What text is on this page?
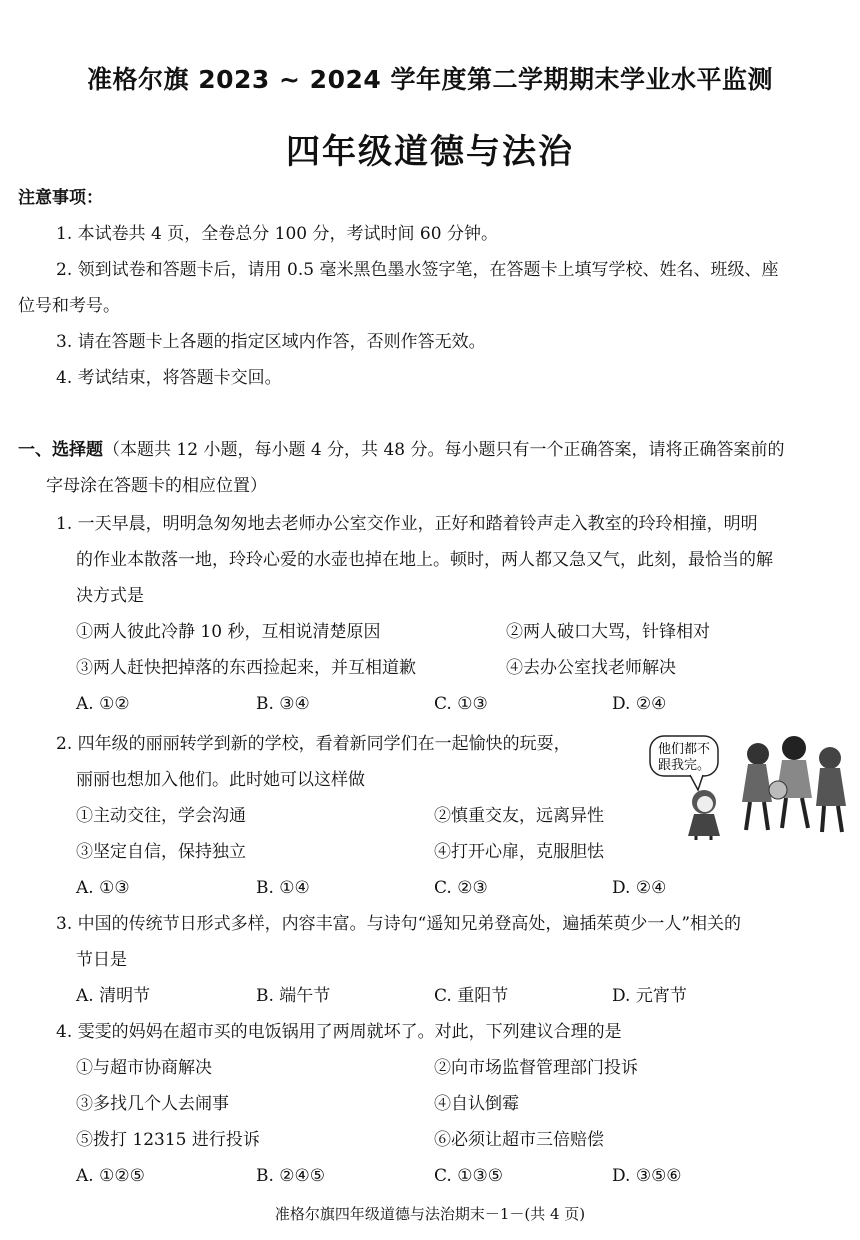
准格尔旗 2023 ~ 2024 学年度第二学期期末学业水平监测
四年级道德与法治
注意事项：
1. 本试卷共 4 页，全卷总分 100 分，考试时间 60 分钟。
2. 领到试卷和答题卡后，请用 0.5 毫米黑色墨水签字笔，在答题卡上填写学校、姓名、班级、座
位号和考号。
3. 请在答题卡上各题的指定区域内作答，否则作答无效。
4. 考试结束，将答题卡交回。
一、选择题（本题共 12 小题，每小题 4 分，共 48 分。每小题只有一个正确答案，请将正确答案前的
字母涂在答题卡的相应位置）
1. 一天早晨，明明急匆匆地去老师办公室交作业，正好和踏着铃声走入教室的玲玲相撞，明明
的作业本散落一地，玲玲心爱的水壶也掉在地上。顿时，两人都又急又气，此刻，最恰当的解
决方式是
①两人彼此冷静 10 秒，互相说清楚原因	②两人破口大骂，针锋相对
③两人赶快把掉落的东西捡起来，并互相道歉	④去办公室找老师解决
A. ①②	B. ③④	C. ①③	D. ②④
2. 四年级的丽丽转学到新的学校，看着新同学们在一起愉快的玩耍，
丽丽也想加入他们。此时她可以这样做
①主动交往，学会沟通	②慎重交友，远离异性
③坚定自信，保持独立	④打开心扉，克服胆怯
A. ①③	B. ①④	C. ②③	D. ②④
他们都不
跟我完。
3. 中国的传统节日形式多样，内容丰富。与诗句“遥知兄弟登高处，遍插茱萸少一人”相关的
节日是
A. 清明节	B. 端午节	C. 重阳节	D. 元宵节
4. 雯雯的妈妈在超市买的电饭锅用了两周就坏了。对此，下列建议合理的是
①与超市协商解决	②向市场监督管理部门投诉
③多找几个人去闹事	④自认倒霉
⑤拨打 12315 进行投诉	⑥必须让超市三倍赔偿
A. ①②⑤	B. ②④⑤	C. ①③⑤	D. ③⑤⑥
准格尔旗四年级道德与法治期末－1－(共 4 页)
